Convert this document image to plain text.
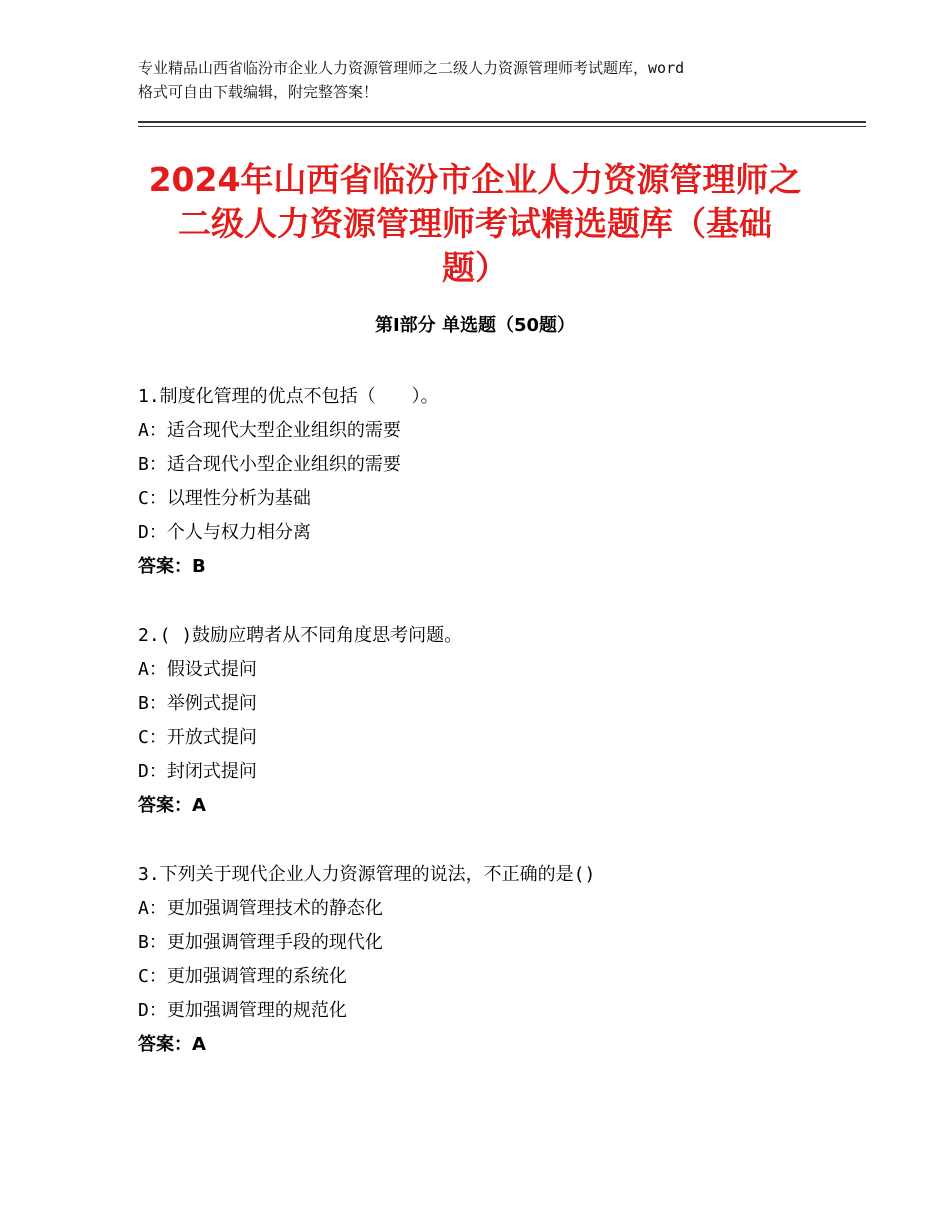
专业精品山西省临汾市企业人力资源管理师之二级人力资源管理师考试题库，word
格式可自由下载编辑，附完整答案！
2024年山西省临汾市企业人力资源管理师之
二级人力资源管理师考试精选题库（基础
题）
第Ⅰ部分 单选题（50题）
1.制度化管理的优点不包括（　　）。
A：适合现代大型企业组织的需要
B：适合现代小型企业组织的需要
C：以理性分析为基础
D：个人与权力相分离
答案：B
2.( )鼓励应聘者从不同角度思考问题。
A：假设式提问
B：举例式提问
C：开放式提问
D：封闭式提问
答案：A
3.下列关于现代企业人力资源管理的说法，不正确的是()
A：更加强调管理技术的静态化
B：更加强调管理手段的现代化
C：更加强调管理的系统化
D：更加强调管理的规范化
答案：A
